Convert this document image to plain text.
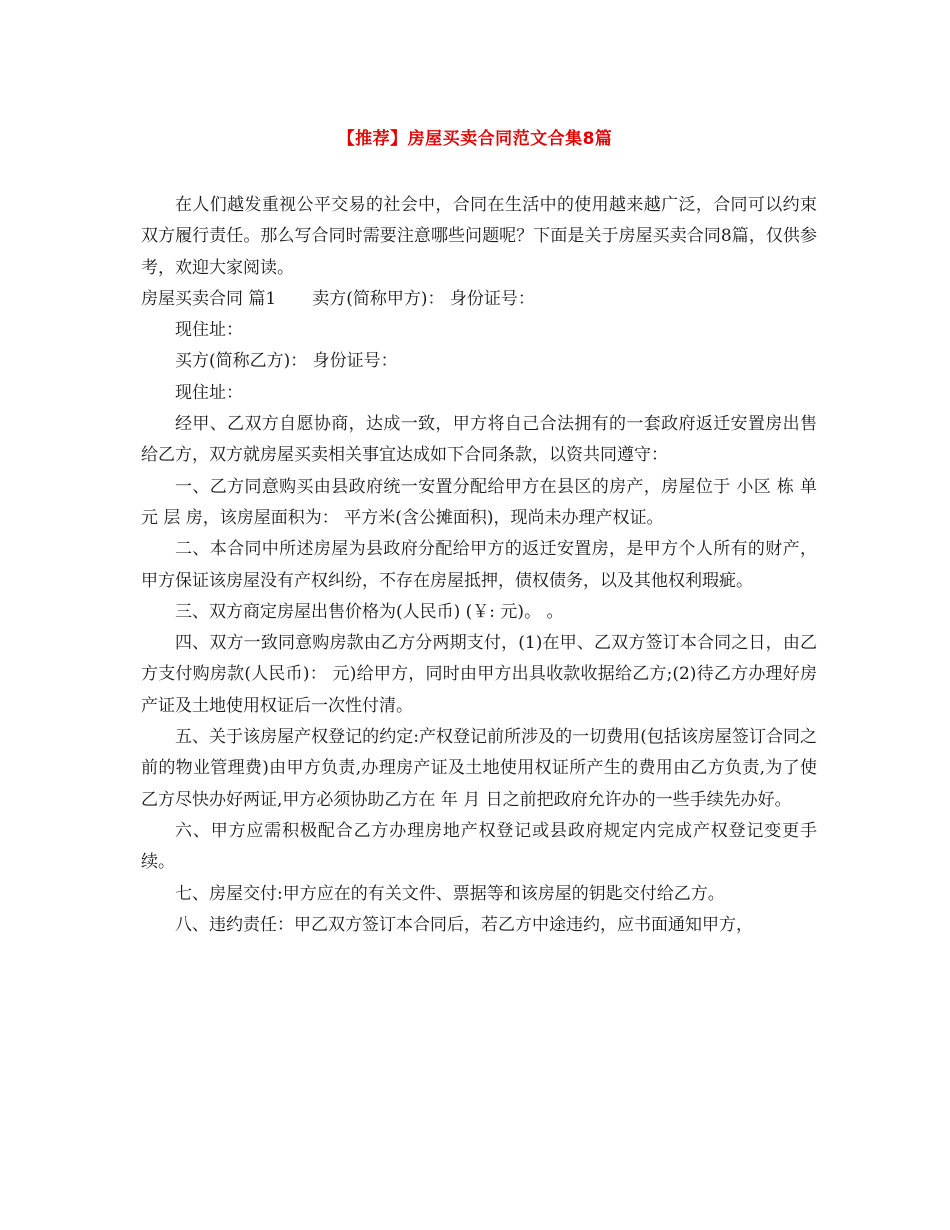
【推荐】房屋买卖合同范文合集8篇

在人们越发重视公平交易的社会中，合同在生活中的使用越来越广泛，合同可以约束双方履行责任。那么写合同时需要注意哪些问题呢？下面是关于房屋买卖合同8篇，仅供参考，欢迎大家阅读。

房屋买卖合同 篇1 卖方(简称甲方)： 身份证号：

现住址：

买方(简称乙方)： 身份证号：

现住址：

经甲、乙双方自愿协商，达成一致，甲方将自己合法拥有的一套政府返迁安置房出售给乙方，双方就房屋买卖相关事宜达成如下合同条款，以资共同遵守：

一、乙方同意购买由县政府统一安置分配给甲方在县区的房产，房屋位于 小区 栋 单元 层 房，该房屋面积为： 平方米(含公摊面积)，现尚未办理产权证。

二、本合同中所述房屋为县政府分配给甲方的返迁安置房，是甲方个人所有的财产，甲方保证该房屋没有产权纠纷，不存在房屋抵押，债权债务，以及其他权利瑕疵。

三、双方商定房屋出售价格为(人民币) (￥: 元)。 。

四、双方一致同意购房款由乙方分两期支付，(1)在甲、乙双方签订本合同之日，由乙方支付购房款(人民币)： 元)给甲方，同时由甲方出具收款收据给乙方;(2)待乙方办理好房产证及土地使用权证后一次性付清。

五、关于该房屋产权登记的约定:产权登记前所涉及的一切费用(包括该房屋签订合同之前的物业管理费)由甲方负责,办理房产证及土地使用权证所产生的费用由乙方负责,为了使乙方尽快办好两证,甲方必须协助乙方在 年 月 日之前把政府允许办的一些手续先办好。

六、甲方应需积极配合乙方办理房地产权登记或县政府规定内完成产权登记变更手续。

七、房屋交付:甲方应在的有关文件、票据等和该房屋的钥匙交付给乙方。

八、违约责任：甲乙双方签订本合同后，若乙方中途违约，应书面通知甲方，
